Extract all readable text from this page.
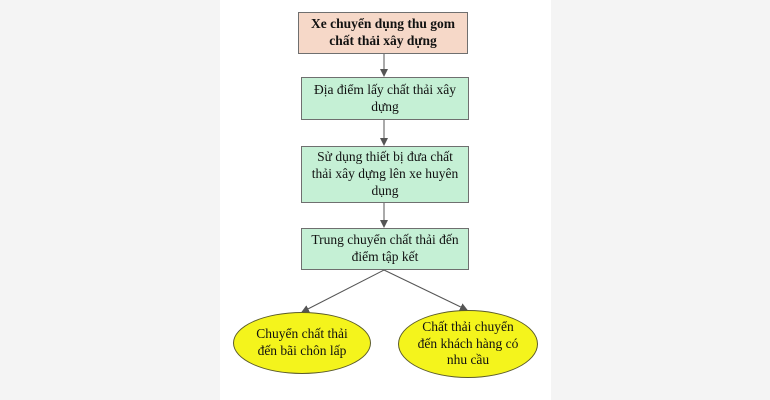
Xe chuyển dụng thu gom chất thải xây dựng
Địa điểm lấy chất thải xây dựng
Sử dụng thiết bị đưa chất thải xây dựng lên xe huyên dụng
Trung chuyển chất thải đến điểm tập kết
Chuyển chất thải đến bãi chôn lấp
Chất thải chuyển đến khách hàng có nhu cầu
